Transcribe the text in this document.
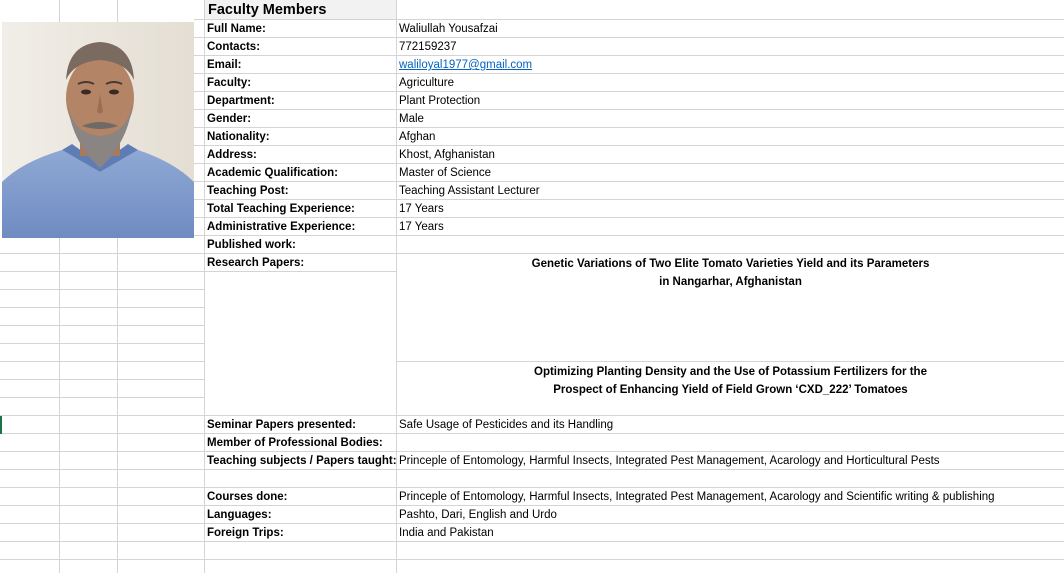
Faculty Members
Full Name:	Waliullah Yousafzai
Contacts:	772159237
Email:	waliloyal1977@gmail.com
Faculty:	Agriculture
Department:	Plant Protection
Gender:	Male
Nationality:	Afghan
Address:	Khost, Afghanistan
Academic Qualification:	Master of Science
Teaching Post:	Teaching Assistant Lecturer
Total Teaching Experience:	17 Years
Administrative Experience:	17 Years
Published work:
Research Papers:	Genetic Variations of Two Elite Tomato Varieties Yield and its Parameters
in Nangarhar, Afghanistan
Optimizing Planting Density and the Use of Potassium Fertilizers for the
Prospect of Enhancing Yield of Field Grown ‘CXD_222’ Tomatoes
Seminar Papers presented:	Safe Usage of Pesticides and its Handling
Member of Professional Bodies:
Teaching subjects / Papers taught: Princeple of Entomology, Harmful Insects, Integrated Pest Management, Acarology and Horticultural Pests
Courses done:	Princeple of Entomology, Harmful Insects, Integrated Pest Management, Acarology and Scientific writing & publishing
Languages:	Pashto, Dari, English and Urdo
Foreign Trips:	India and Pakistan
